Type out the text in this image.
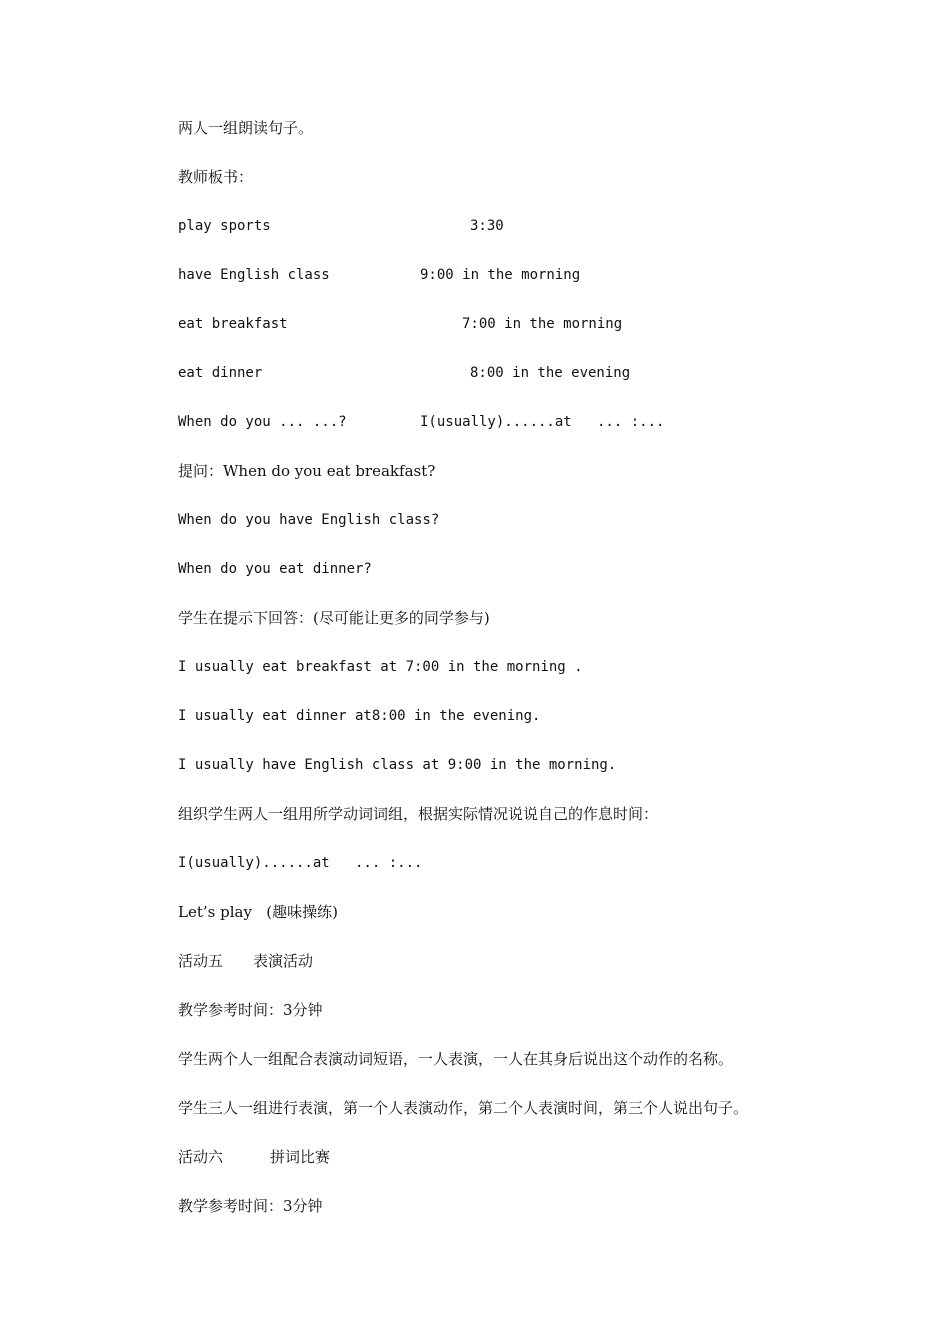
两人一组朗读句子。
教师板书：
play sports	3:30
have English class	9:00 in the morning
eat breakfast	7:00 in the morning
eat dinner	8:00 in the evening
When do you ... ...?	I(usually)......at   ... :...
提问：When do you eat breakfast?
When do you have English class?
When do you eat dinner?
学生在提示下回答：(尽可能让更多的同学参与)
I usually eat breakfast at 7:00 in the morning .
I usually eat dinner at8:00 in the evening.
I usually have English class at 9:00 in the morning.
组织学生两人一组用所学动词词组，根据实际情况说说自己的作息时间：
I(usually)......at   ... :...
Let’s play   (趣味操练)
活动五 表演活动
教学参考时间：3分钟
学生两个人一组配合表演动词短语，一人表演，一人在其身后说出这个动作的名称。
学生三人一组进行表演，第一个人表演动作，第二个人表演时间，第三个人说出句子。
活动六	拼词比赛
教学参考时间：3分钟
